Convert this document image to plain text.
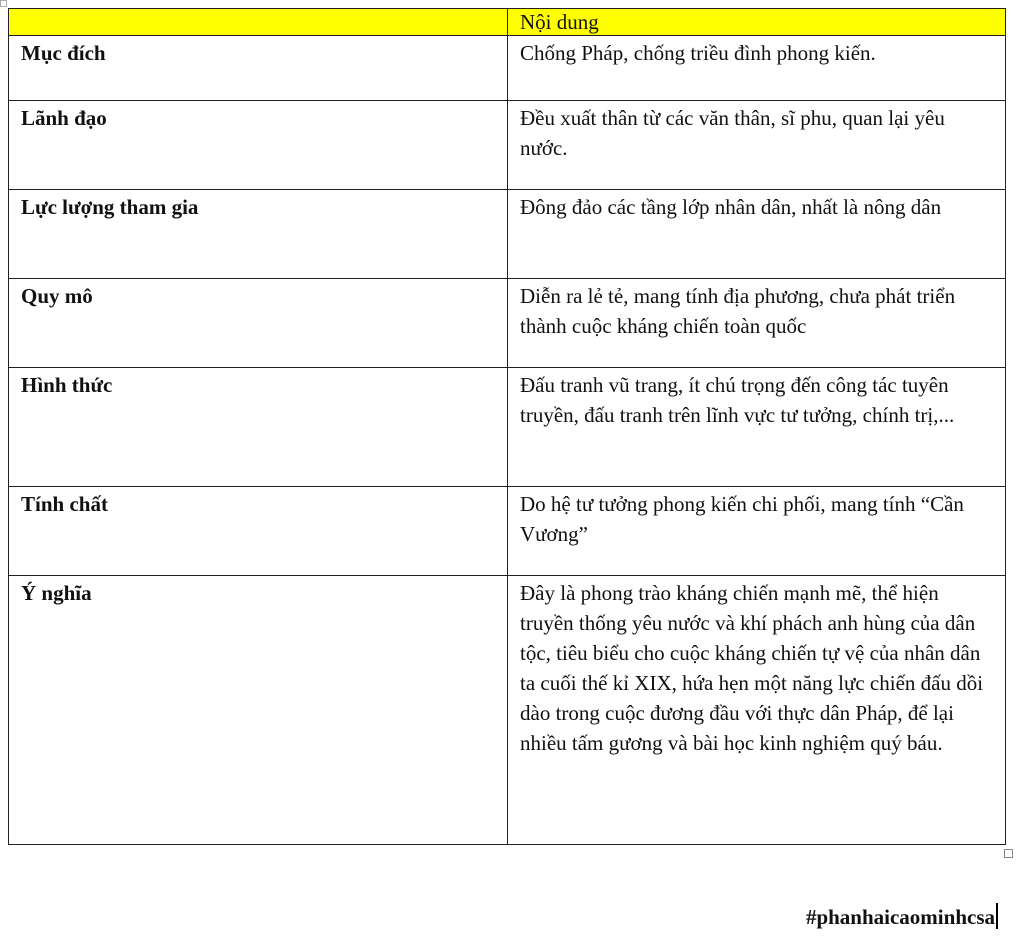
	Nội dung
Mục đích	Chống Pháp, chống triều đình phong kiến.
Lãnh đạo	Đều xuất thân từ các văn thân, sĩ phu, quan lại yêu nước.
Lực lượng tham gia	Đông đảo các tầng lớp nhân dân, nhất là nông dân
Quy mô	Diễn ra lẻ tẻ, mang tính địa phương, chưa phát triển thành cuộc kháng chiến toàn quốc
Hình thức	Đấu tranh vũ trang, ít chú trọng đến công tác tuyên truyền, đấu tranh trên lĩnh vực tư tưởng, chính trị,...
Tính chất	Do hệ tư tưởng phong kiến chi phối, mang tính “Cần Vương”
Ý nghĩa	Đây là phong trào kháng chiến mạnh mẽ, thể hiện truyền thống yêu nước và khí phách anh hùng của dân tộc, tiêu biểu cho cuộc kháng chiến tự vệ của nhân dân ta cuối thế kỉ XIX, hứa hẹn một năng lực chiến đấu dồi dào trong cuộc đương đầu với thực dân Pháp, để lại nhiều tấm gương và bài học kinh nghiệm quý báu.
#phanhaicaominhcsa
